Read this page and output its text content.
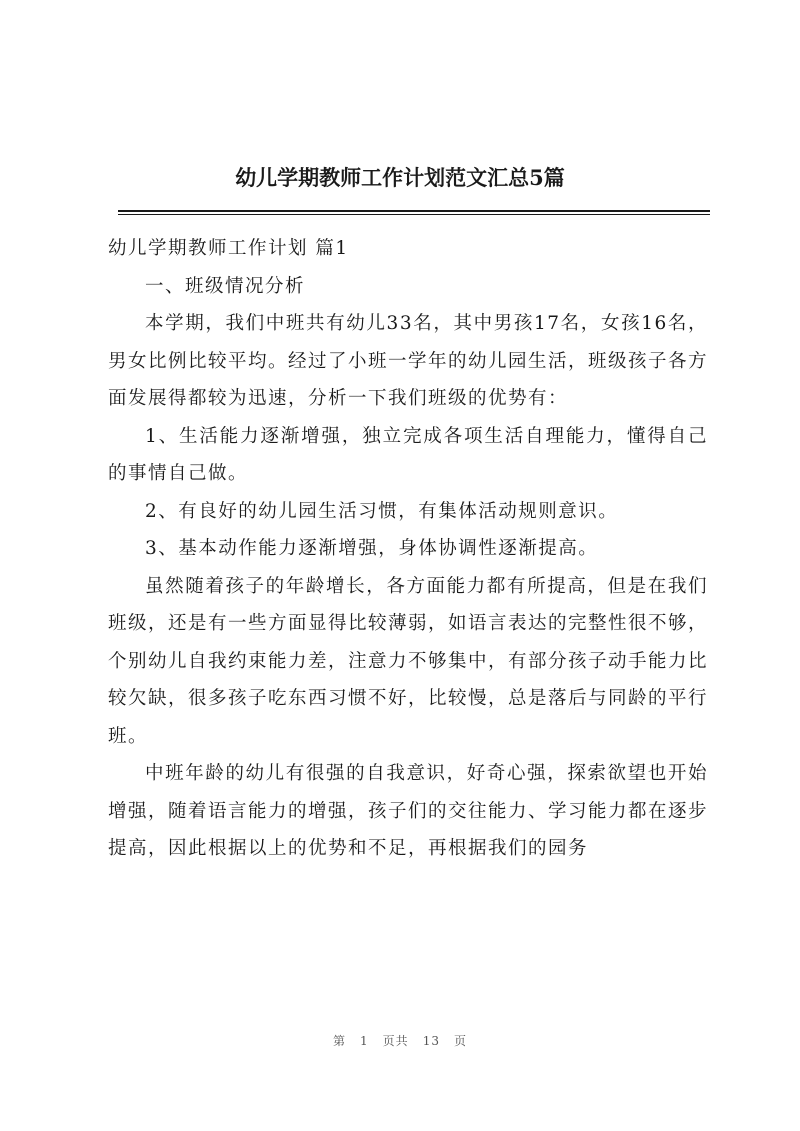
幼儿学期教师工作计划范文汇总5篇

幼儿学期教师工作计划 篇1

一、班级情况分析

本学期，我们中班共有幼儿33名，其中男孩17名，女孩16名，男女比例比较平均。经过了小班一学年的幼儿园生活，班级孩子各方面发展得都较为迅速，分析一下我们班级的优势有：

1、生活能力逐渐增强，独立完成各项生活自理能力，懂得自己的事情自己做。

2、有良好的幼儿园生活习惯，有集体活动规则意识。

3、基本动作能力逐渐增强，身体协调性逐渐提高。

虽然随着孩子的年龄增长，各方面能力都有所提高，但是在我们班级，还是有一些方面显得比较薄弱，如语言表达的完整性很不够，个别幼儿自我约束能力差，注意力不够集中，有部分孩子动手能力比较欠缺，很多孩子吃东西习惯不好，比较慢，总是落后与同龄的平行班。

中班年龄的幼儿有很强的自我意识，好奇心强，探索欲望也开始增强，随着语言能力的增强，孩子们的交往能力、学习能力都在逐步提高，因此根据以上的优势和不足，再根据我们的园务

第 1 页共 13 页
